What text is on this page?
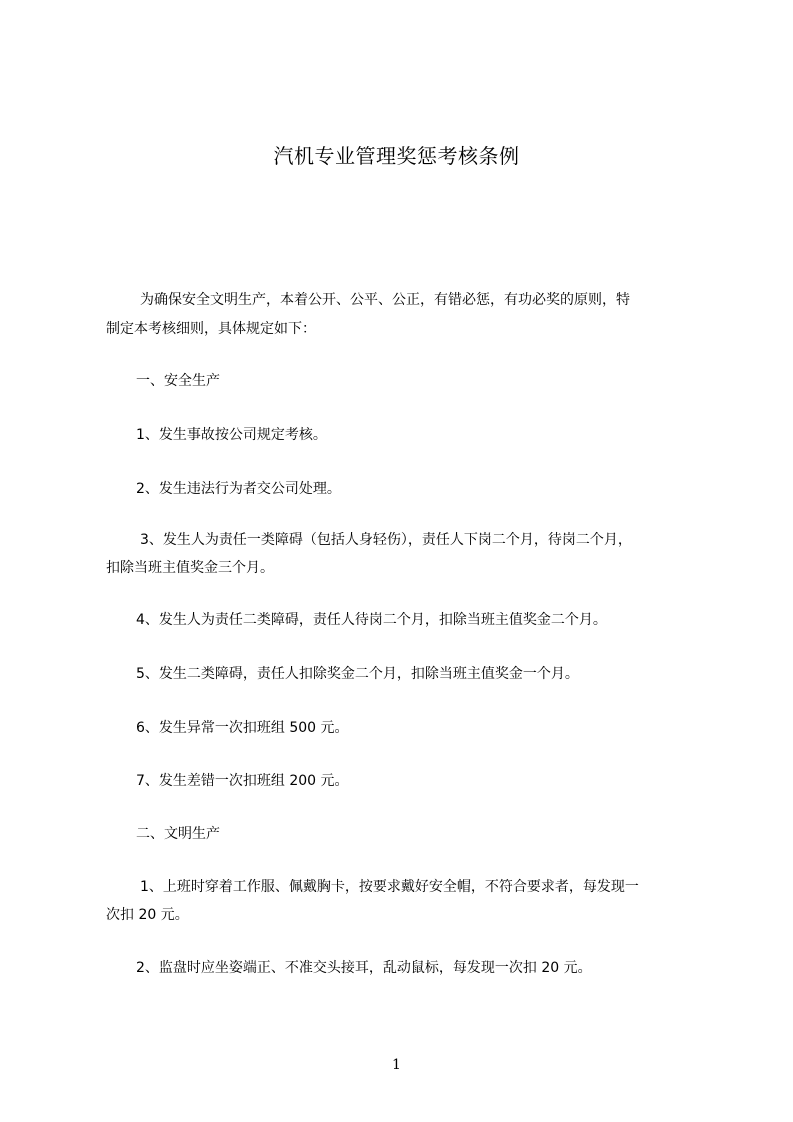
汽机专业管理奖惩考核条例
为确保安全文明生产，本着公开、公平、公正，有错必惩，有功必奖的原则，特
制定本考核细则，具体规定如下：
一、安全生产
1、发生事故按公司规定考核。
2、发生违法行为者交公司处理。
3、发生人为责任一类障碍（包括人身轻伤），责任人下岗二个月，待岗二个月，
扣除当班主值奖金三个月。
4、发生人为责任二类障碍，责任人待岗二个月，扣除当班主值奖金二个月。
5、发生二类障碍，责任人扣除奖金二个月，扣除当班主值奖金一个月。
6、发生异常一次扣班组 500 元。
7、发生差错一次扣班组 200 元。
二、文明生产
1、上班时穿着工作服、佩戴胸卡，按要求戴好安全帽，不符合要求者，每发现一
次扣 20 元。
2、监盘时应坐姿端正、不准交头接耳，乱动鼠标，每发现一次扣 20 元。
1
